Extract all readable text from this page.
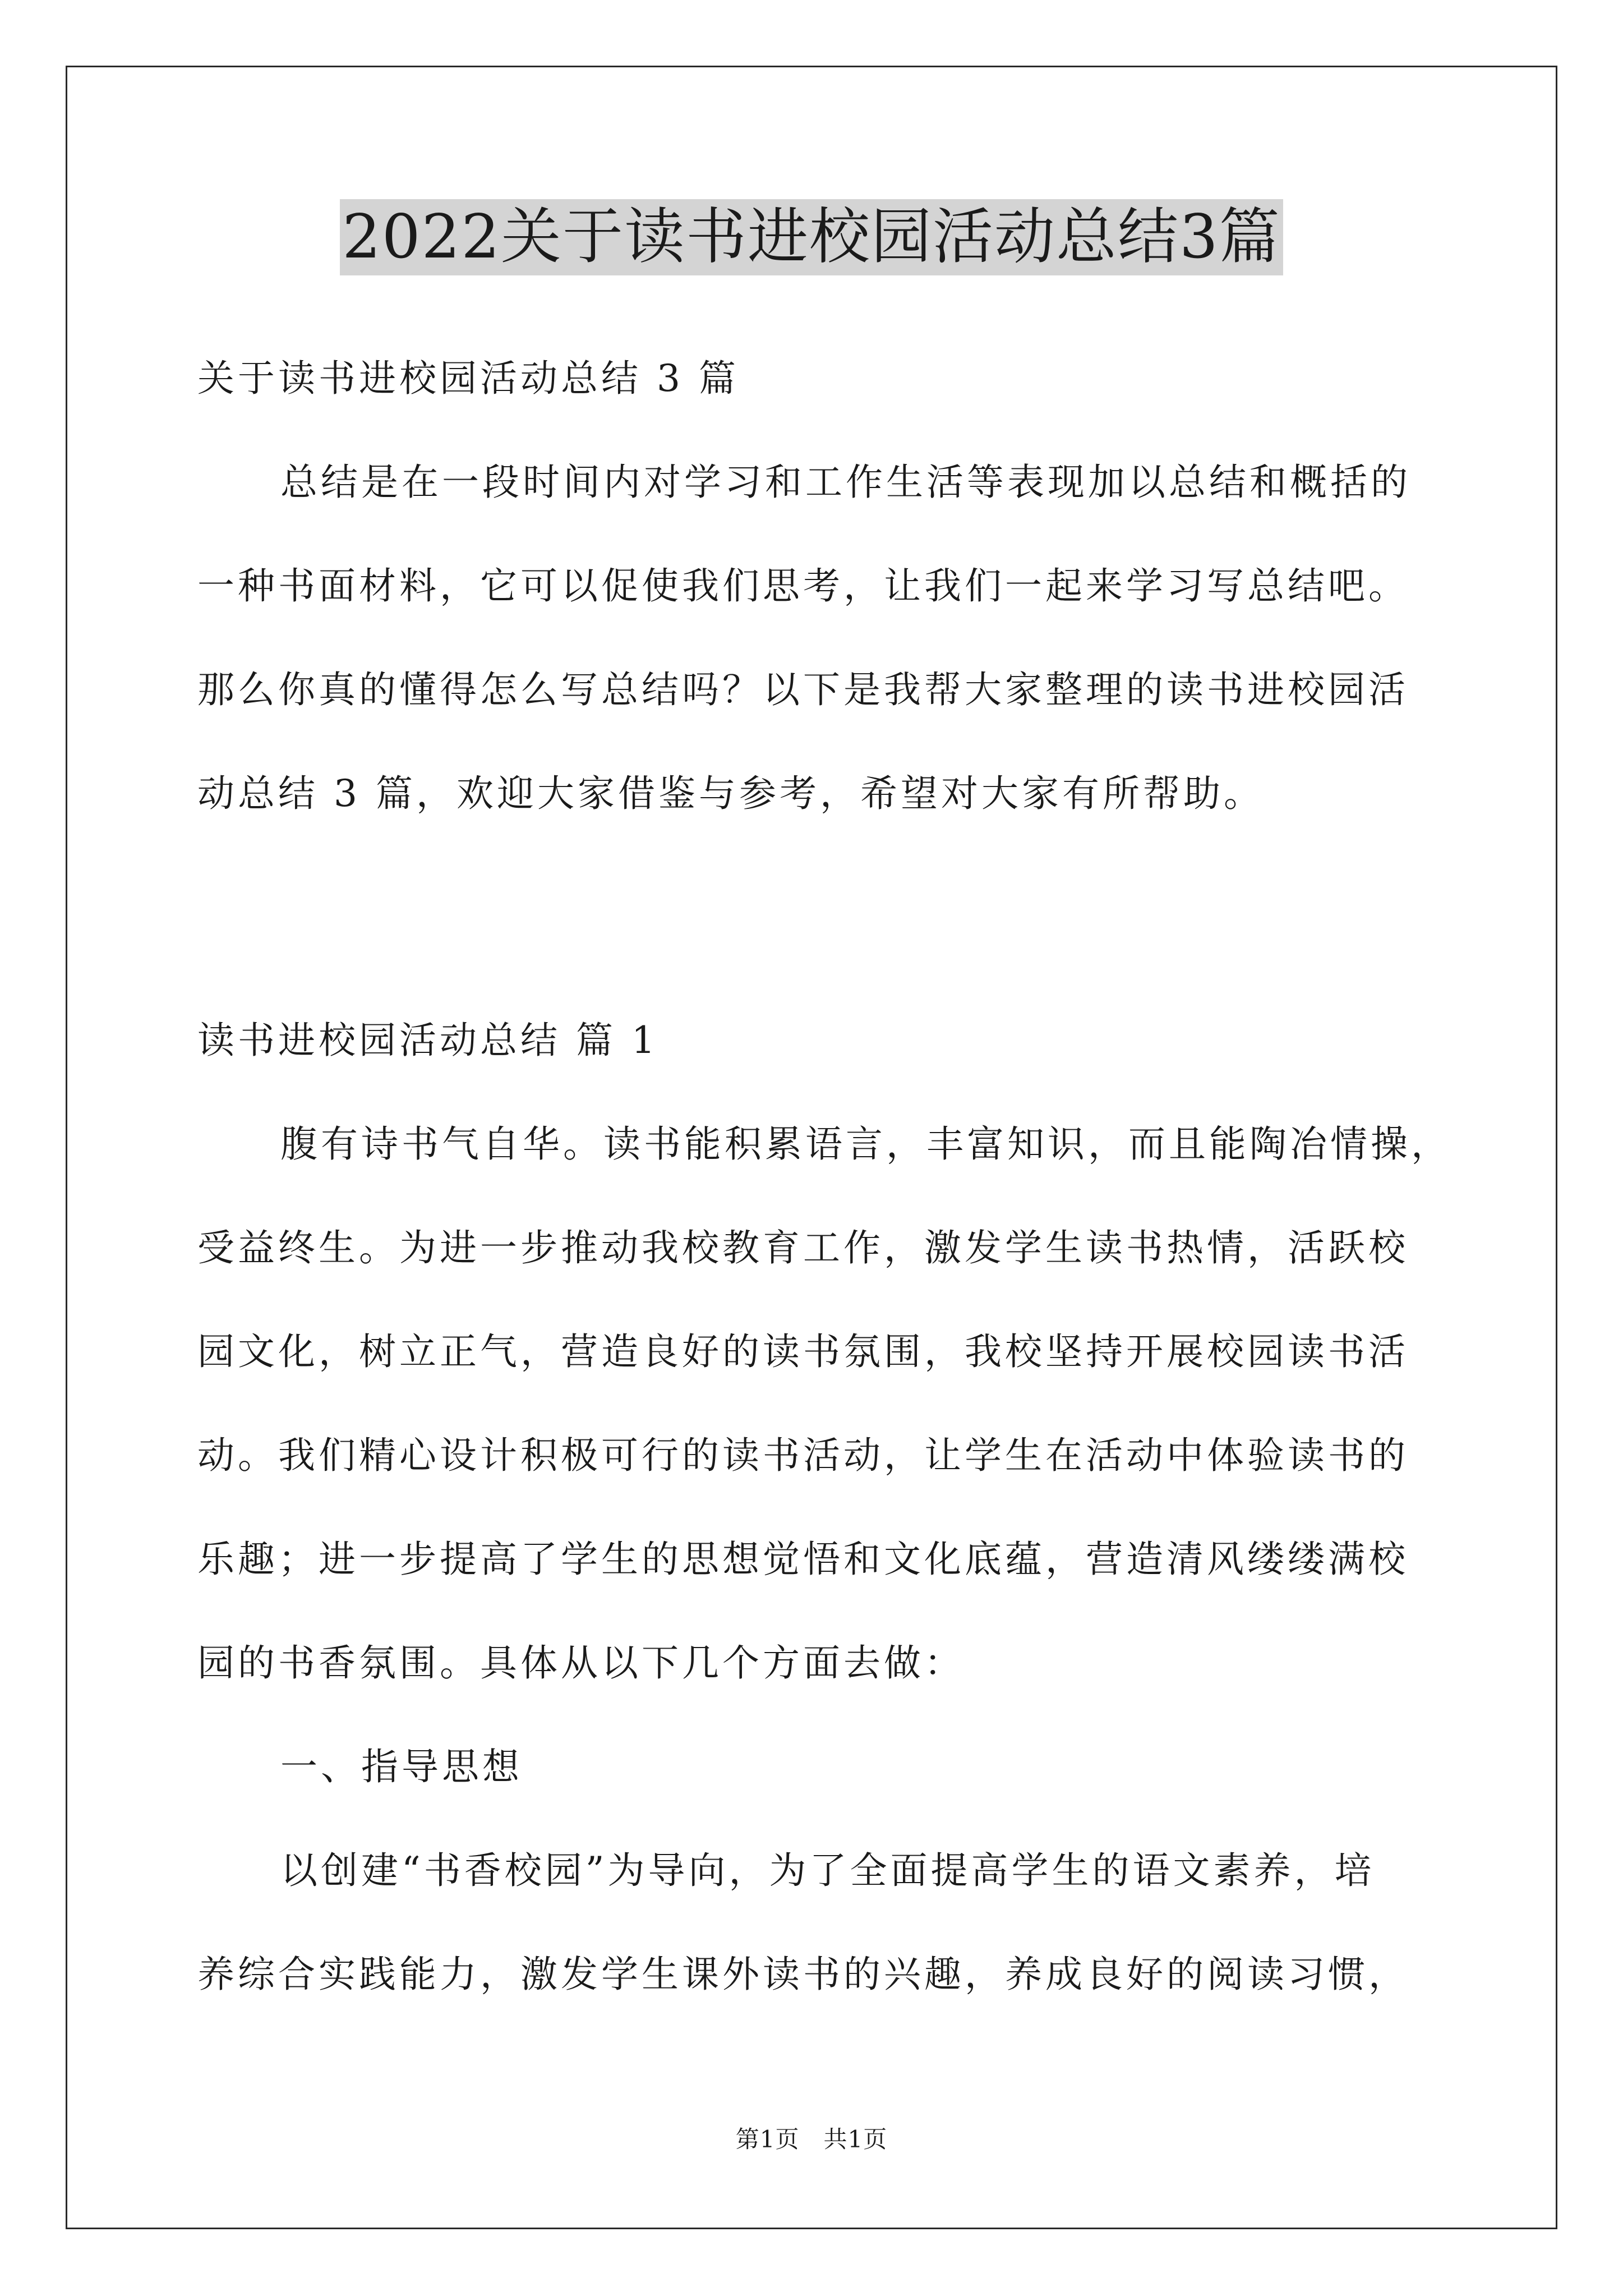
2022关于读书进校园活动总结3篇
关于读书进校园活动总结 3 篇
总结是在一段时间内对学习和工作生活等表现加以总结和概括的
一种书面材料，它可以促使我们思考，让我们一起来学习写总结吧。
那么你真的懂得怎么写总结吗？以下是我帮大家整理的读书进校园活
动总结 3 篇，欢迎大家借鉴与参考，希望对大家有所帮助。
读书进校园活动总结 篇 1
腹有诗书气自华。读书能积累语言，丰富知识，而且能陶冶情操，
受益终生。为进一步推动我校教育工作，激发学生读书热情，活跃校
园文化，树立正气，营造良好的读书氛围，我校坚持开展校园读书活
动。我们精心设计积极可行的读书活动，让学生在活动中体验读书的
乐趣；进一步提高了学生的思想觉悟和文化底蕴，营造清风缕缕满校
园的书香氛围。具体从以下几个方面去做：
一、指导思想
以创建“书香校园”为导向，为了全面提高学生的语文素养，培
养综合实践能力，激发学生课外读书的兴趣，养成良好的阅读习惯，
第1页　共1页
